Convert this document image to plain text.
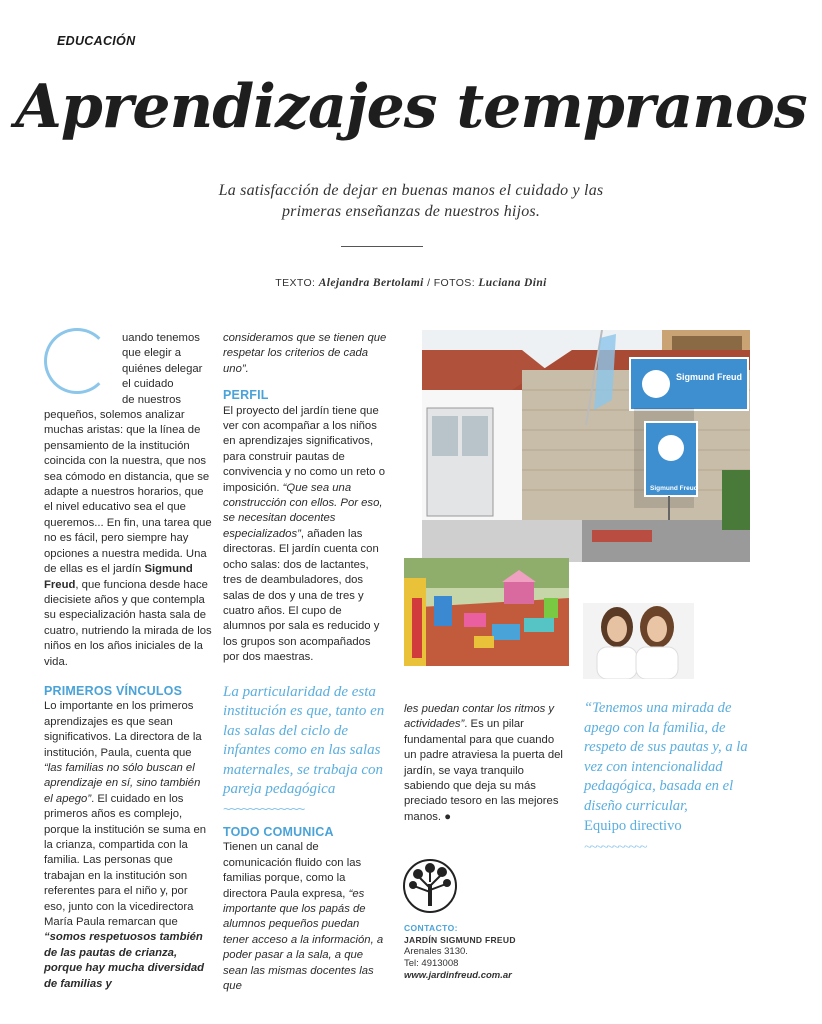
EDUCACIÓN
Aprendizajes tempranos
La satisfacción de dejar en buenas manos el cuidado y las
primeras enseñanzas de nuestros hijos.
TEXTO: Alejandra Bertolami / FOTOS: Luciana Dini
uando tenemos
que elegir a
quiénes delegar
el cuidado
de nuestros

pequeños, solemos analizar muchas aristas: que la línea de pensamiento de la institución coincida con la nuestra, que nos sea cómodo en distancia, que se adapte a nuestros horarios, que el nivel educativo sea el que queremos... En fin, una tarea que no es fácil, pero siempre hay opciones a nuestra medida. Una de ellas es el jardín Sigmund Freud, que funciona desde hace diecisiete años y que contempla su especialización hasta sala de cuatro, nutriendo la mirada de los niños en los años iniciales de la vida.

PRIMEROS VÍNCULOS

Lo importante en los primeros aprendizajes es que sean significativos. La directora de la institución, Paula, cuenta que “las familias no sólo buscan el aprendizaje en sí, sino también el apego”. El cuidado en los primeros años es complejo, porque la institución se suma en la crianza, compartida con la familia. Las personas que trabajan en la institución son referentes para el niño y, por eso, junto con la vicedirectora María Paula remarcan que “somos respetuosos también de las pautas de crianza, porque hay mucha diversidad de familias y

consideramos que se tienen que respetar los criterios de cada uno”.

PERFIL

El proyecto del jardín tiene que ver con acompañar a los niños en aprendizajes significativos, para construir pautas de convivencia y no como un reto o imposición. “Que sea una construcción con ellos. Por eso, se necesitan docentes especializados”, añaden las directoras. El jardín cuenta con ocho salas: dos de lactantes, tres de deambuladores, dos salas de dos y una de tres y cuatro años. El cupo de alumnos por sala es reducido y los grupos son acompañados por dos maestras.

La particularidad de esta institución es que, tanto en las salas del ciclo de infantes como en las salas maternales, se trabaja con pareja pedagógica
~~~~~~~~~~~~~
TODO COMUNICA

Tienen un canal de comunicación fluido con las familias porque, como la directora Paula expresa, “es importante que los papás de alumnos pequeños puedan tener acceso a la información, a poder pasar a la sala, a que sean las mismas docentes las que

Sigmund Freud
Sigmund Freud

les puedan contar los ritmos y actividades”. Es un pilar fundamental para que cuando un padre atraviesa la puerta del jardín, se vaya tranquilo sabiendo que deja su más preciado tesoro en las mejores manos. ●

CONTACTO:
JARDÍN SIGMUND FREUD
Arenales 3130.
Tel: 4913008
www.jardinfreud.com.ar
“Tenemos una mirada de apego con la familia, de respeto de sus pautas y, a la vez con intencionalidad pedagógica, basada en el diseño curricular,
Equipo directivo
~~~~~~~~~~~
